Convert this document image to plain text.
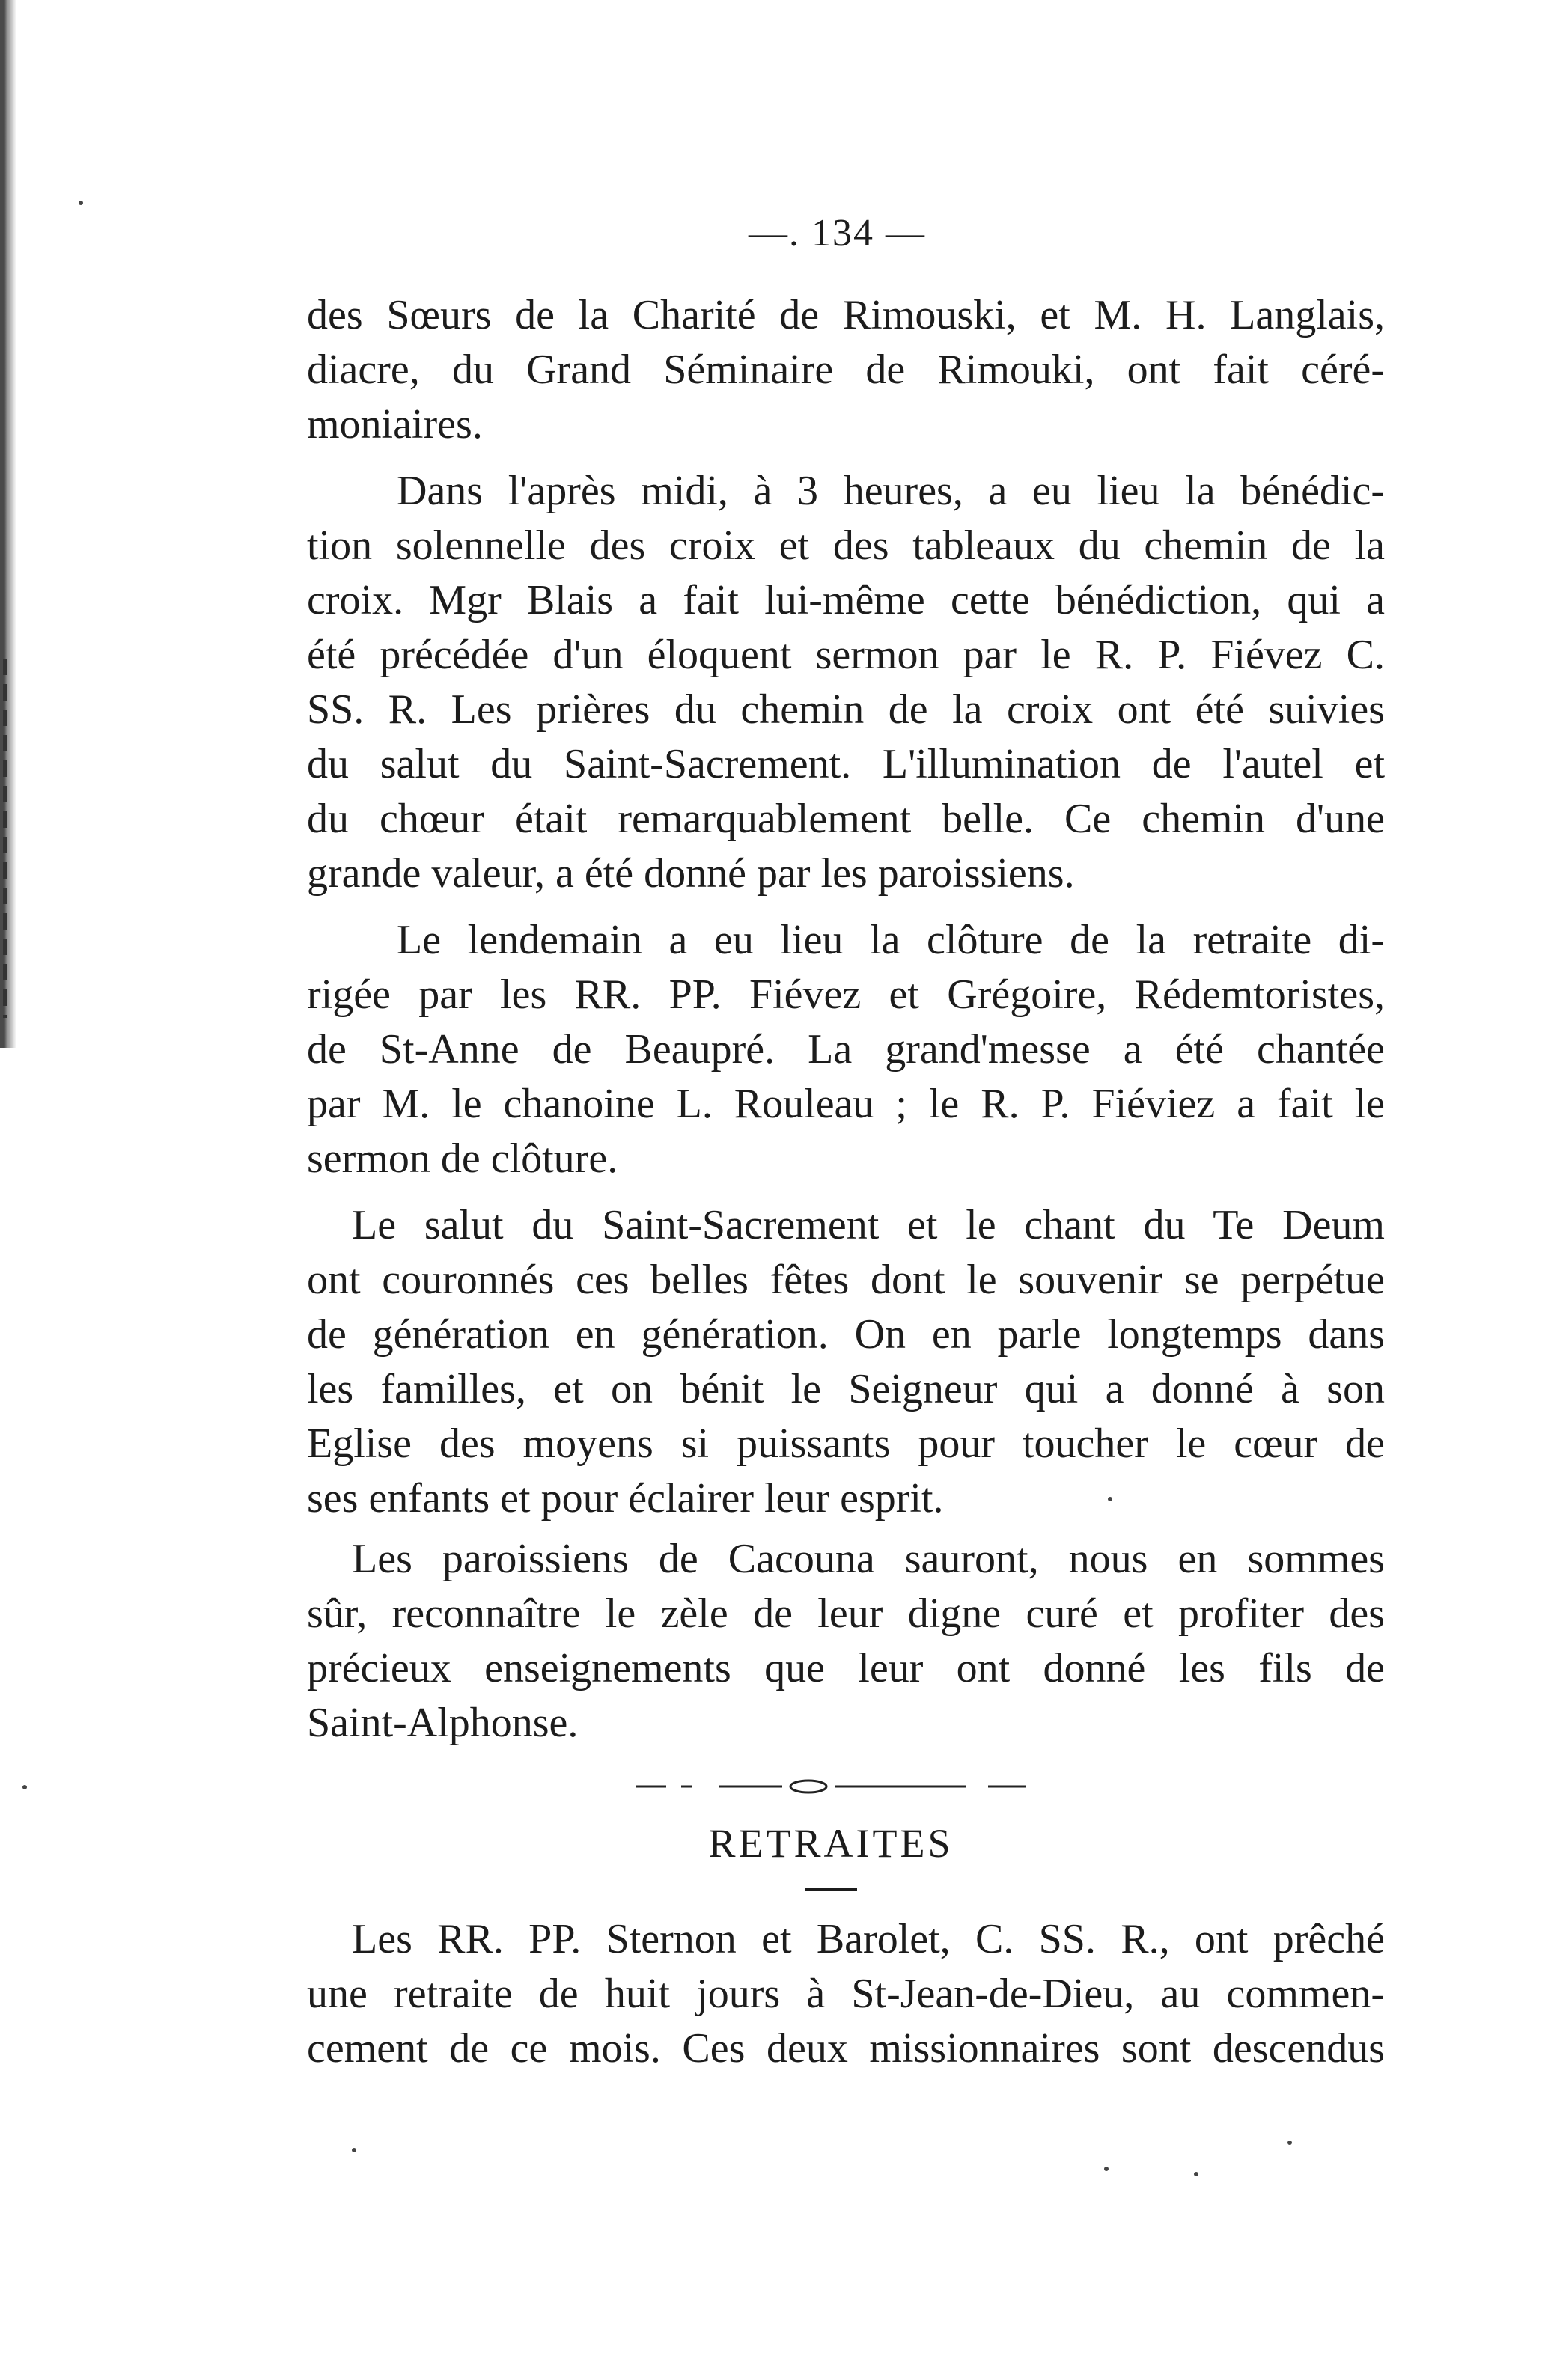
—. 134 —
des Sœurs de la Charité de Rimouski, et M. H. Langlais,
diacre, du Grand Séminaire de Rimouki, ont fait céré-
moniaires.
Dans l'après midi, à 3 heures, a eu lieu la bénédic-
tion solennelle des croix et des tableaux du chemin de la
croix. Mgr Blais a fait lui-même cette bénédiction, qui a
été précédée d'un éloquent sermon par le R. P. Fiévez C.
SS. R. Les prières du chemin de la croix ont été suivies
du salut du Saint-Sacrement. L'illumination de l'autel et
du chœur était remarquablement belle. Ce chemin d'une
grande valeur, a été donné par les paroissiens.
Le lendemain a eu lieu la clôture de la retraite di-
rigée par les RR. PP. Fiévez et Grégoire, Rédemtoristes,
de St-Anne de Beaupré. La grand'messe a été chantée
par M. le chanoine L. Rouleau ; le R. P. Fiéviez a fait le
sermon de clôture.
Le salut du Saint-Sacrement et le chant du Te Deum
ont couronnés ces belles fêtes dont le souvenir se perpétue
de génération en génération. On en parle longtemps dans
les familles, et on bénit le Seigneur qui a donné à son
Eglise des moyens si puissants pour toucher le cœur de
ses enfants et pour éclairer leur esprit.
Les paroissiens de Cacouna sauront, nous en sommes
sûr, reconnaître le zèle de leur digne curé et profiter des
précieux enseignements que leur ont donné les fils de
Saint-Alphonse.
RETRAITES
Les RR. PP. Sternon et Barolet, C. SS. R., ont prêché
une retraite de huit jours à St-Jean-de-Dieu, au commen-
cement de ce mois. Ces deux missionnaires sont descendus
